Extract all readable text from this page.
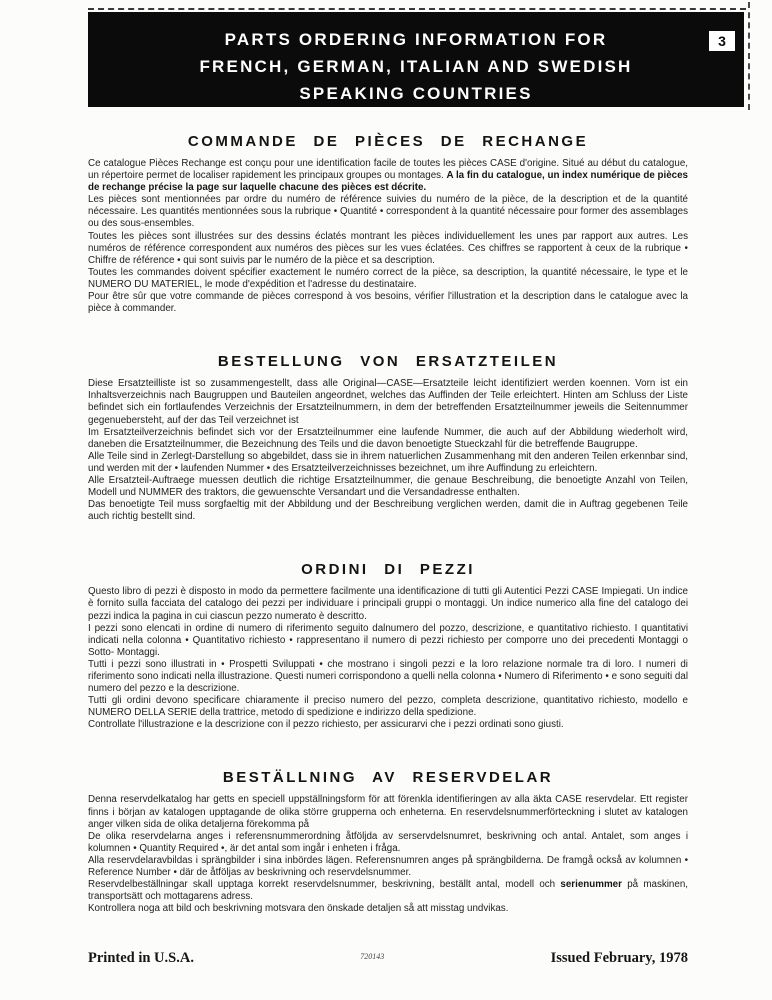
PARTS ORDERING INFORMATION FOR
FRENCH, GERMAN, ITALIAN AND SWEDISH
SPEAKING COUNTRIES
3
COMMANDE DE PIÈCES DE RECHANGE

Ce catalogue Pièces Rechange est conçu pour une identification facile de toutes les pièces CASE d'origine. Situé au début du catalogue, un répertoire permet de localiser rapidement les principaux groupes ou montages. A la fin du catalogue, un index numérique de pièces de rechange précise la page sur laquelle chacune des pièces est décrite.

Les pièces sont mentionnées par ordre du numéro de référence suivies du numéro de la pièce, de la description et de la quantité nécessaire. Les quantités mentionnées sous la rubrique • Quantité • correspondent à la quantité nécessaire pour former des assemblages ou des sous-ensembles.

Toutes les pièces sont illustrées sur des dessins éclatés montrant les pièces individuellement les unes par rapport aux autres. Les numéros de référence correspondent aux numéros des pièces sur les vues éclatées. Ces chiffres se rapportent à ceux de la rubrique • Chiffre de référence • qui sont suivis par le numéro de la pièce et sa description.

Toutes les commandes doivent spécifier exactement le numéro correct de la pièce, sa description, la quantité nécessaire, le type et le NUMERO DU MATERIEL, le mode d'expédition et l'adresse du destinataire.

Pour être sûr que votre commande de pièces correspond à vos besoins, vérifier l'illustration et la description dans le catalogue avec la pièce à commander.

BESTELLUNG VON ERSATZTEILEN

Diese Ersatzteilliste ist so zusammengestellt, dass alle Original—CASE—Ersatzteile leicht identifiziert werden koennen. Vorn ist ein Inhaltsverzeichnis nach Baugruppen und Bauteilen angeordnet, welches das Auffinden der Teile erleichtert. Hinten am Schluss der Liste befindet sich ein fortlaufendes Verzeichnis der Ersatzteilnummern, in dem der betreffenden Ersatzteilnummer jeweils die Seitennummer gegenuebersteht, auf der das Teil verzeichnet ist

Im Ersatzteilverzeichnis befindet sich vor der Ersatzteilnummer eine laufende Nummer, die auch auf der Abbildung wiederholt wird, daneben die Ersatzteilnummer, die Bezeichnung des Teils und die davon benoetigte Stueckzahl für die betreffende Baugruppe.

Alle Teile sind in Zerlegt-Darstellung so abgebildet, dass sie in ihrem natuerlichen Zusammenhang mit den anderen Teilen erkennbar sind, und werden mit der • laufenden Nummer • des Ersatzteilverzeichnisses bezeichnet, um ihre Auffindung zu erleichtern.

Alle Ersatzteil-Auftraege muessen deutlich die richtige Ersatzteilnummer, die genaue Beschreibung, die benoetigte Anzahl von Teilen, Modell und NUMMER des traktors, die gewuenschte Versandart und die Versandadresse enthalten.

Das benoetigte Teil muss sorgfaeltig mit der Abbildung und der Beschreibung verglichen werden, damit die in Auftrag gegebenen Teile auch richtig bestellt sind.

ORDINI DI PEZZI

Questo libro di pezzi è disposto in modo da permettere facilmente una identificazione di tutti gli Autentici Pezzi CASE Impiegati. Un indice è fornito sulla facciata del catalogo dei pezzi per individuare i principali gruppi o montaggi. Un indice numerico alla fine del catalogo dei pezzi indica la pagina in cui ciascun pezzo numerato è descritto.

I pezzi sono elencati in ordine di numero di riferimento seguito dalnumero del pozzo, descrizione, e quantitativo richiesto. I quantitativi indicati nella colonna • Quantitativo richiesto • rappresentano il numero di pezzi richiesto per comporre uno dei precedenti Montaggi o Sotto- Montaggi.

Tutti i pezzi sono illustrati in • Prospetti Sviluppati • che mostrano i singoli pezzi e la loro relazione normale tra di loro. I numeri di riferimento sono indicati nella illustrazione. Questi numeri corrispondono a quelli nella colonna • Numero di Riferimento • e sono seguiti dal numero del pezzo e la descrizione.

Tutti gli ordini devono specificare chiaramente il preciso numero del pezzo, completa descrizione, quantitativo richiesto, modello e NUMERO DELLA SERIE della trattrice, metodo di spedizione e indirizzo della spedizione.

Controllate l'illustrazione e la descrizione con il pezzo richiesto, per assicurarvi che i pezzi ordinati sono giusti.

BESTÄLLNING AV RESERVDELAR

Denna reservdelkatalog har getts en speciell uppställningsform för att förenkla identifieringen av alla äkta CASE reservdelar. Ett register finns i början av katalogen upptagande de olika större grupperna och enheterna. En reservdelsnummerförteckning i slutet av katalogen anger vilken sida de olika detaljerna förekomma på

De olika reservdelarna anges i referensnummerordning åtföljda av serservdelsnumret, beskrivning och antal. Antalet, som anges i kolumnen • Quantity Required •, är det antal som ingår i enheten i fråga.

Alla reservdelaravbildas i sprängbilder i sina inbördes lägen. Referensnumren anges på sprängbilderna. De framgå också av kolumnen • Reference Number • där de åtföljas av beskrivning och reservdelsnummer.

Reservdelbeställningar skall upptaga korrekt reservdelsnummer, beskrivning, beställt antal, modell och serienummer på maskinen, transportsätt och mottagarens adress.

Kontrollera noga att bild och beskrivning motsvara den önskade detaljen så att misstag undvikas.

Printed in U.S.A.	720143	Issued February, 1978
